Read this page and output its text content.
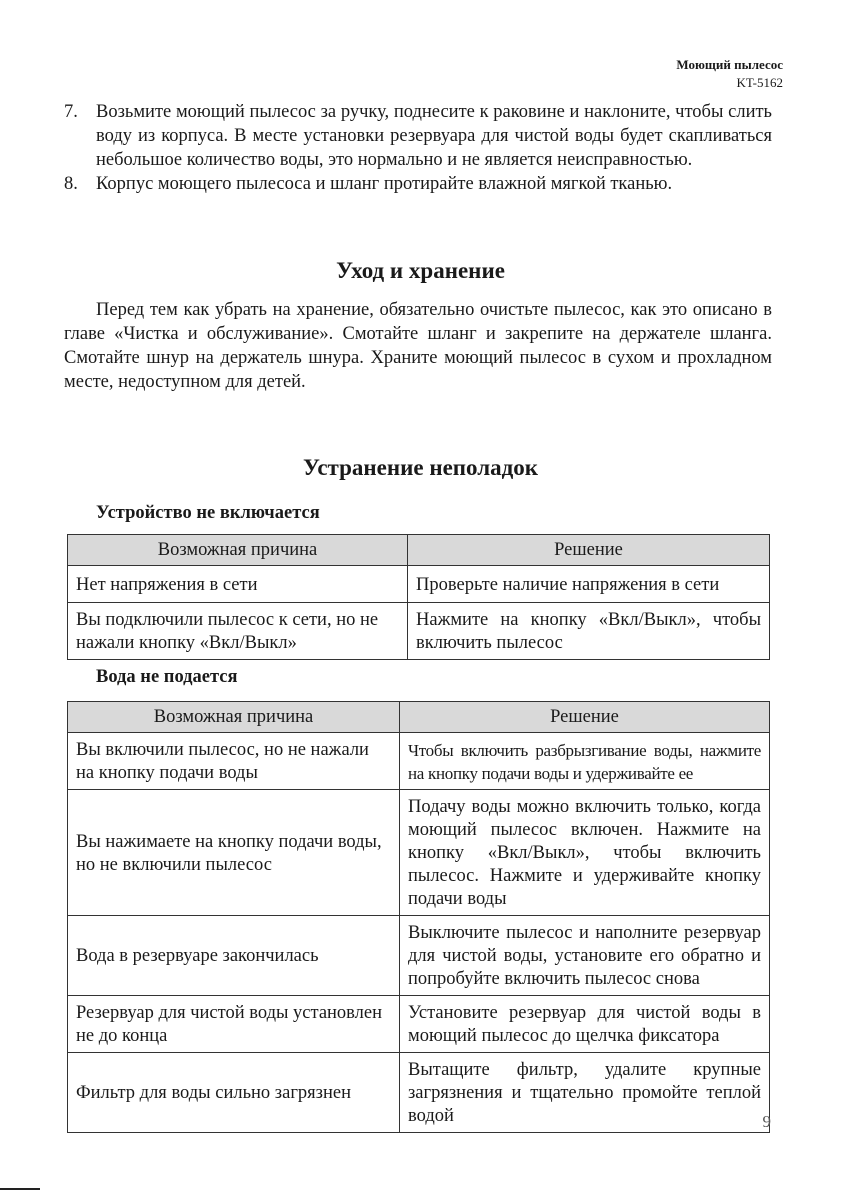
Моющий пылесос
KT-5162
7. Возьмите моющий пылесос за ручку, поднесите к раковине и наклоните, чтобы слить воду из корпуса. В месте установки резервуара для чистой воды будет скапливаться небольшое количество воды, это нормально и не является неисправностью.
8. Корпус моющего пылесоса и шланг протирайте влажной мягкой тканью.
Уход и хранение

Перед тем как убрать на хранение, обязательно очистьте пылесос, как это описано в главе «Чистка и обслуживание». Смотайте шланг и закрепите на держателе шланга. Смотайте шнур на держатель шнура. Храните моющий пылесос в сухом и прохладном месте, недоступном для детей.

Устранение неполадок
Устройство не включается
Возможная причина	Решение
Нет напряжения в сети	Проверьте наличие напряжения в сети
Вы подключили пылесос к сети, но не нажали кнопку «Вкл/Выкл»	Нажмите на кнопку «Вкл/Выкл», чтобы включить пылесос
Вода не подается
Возможная причина	Решение
Вы включили пылесос, но не нажали на кнопку подачи воды	Чтобы включить разбрызгивание воды, нажмите на кнопку подачи воды и удерживайте ее
Вы нажимаете на кнопку подачи воды, но не включили пылесос	Подачу воды можно включить только, когда моющий пылесос включен. Нажмите на кнопку «Вкл/Выкл», чтобы включить пылесос. Нажмите и удерживайте кнопку подачи воды
Вода в резервуаре закончилась	Выключите пылесос и наполните резервуар для чистой воды, установите его обратно и попробуйте включить пылесос снова
Резервуар для чистой воды установлен не до конца	Установите резервуар для чистой воды в моющий пылесос до щелчка фиксатора
Фильтр для воды сильно загрязнен	Вытащите фильтр, удалите крупные загрязнения и тщательно промойте теплой водой	9
